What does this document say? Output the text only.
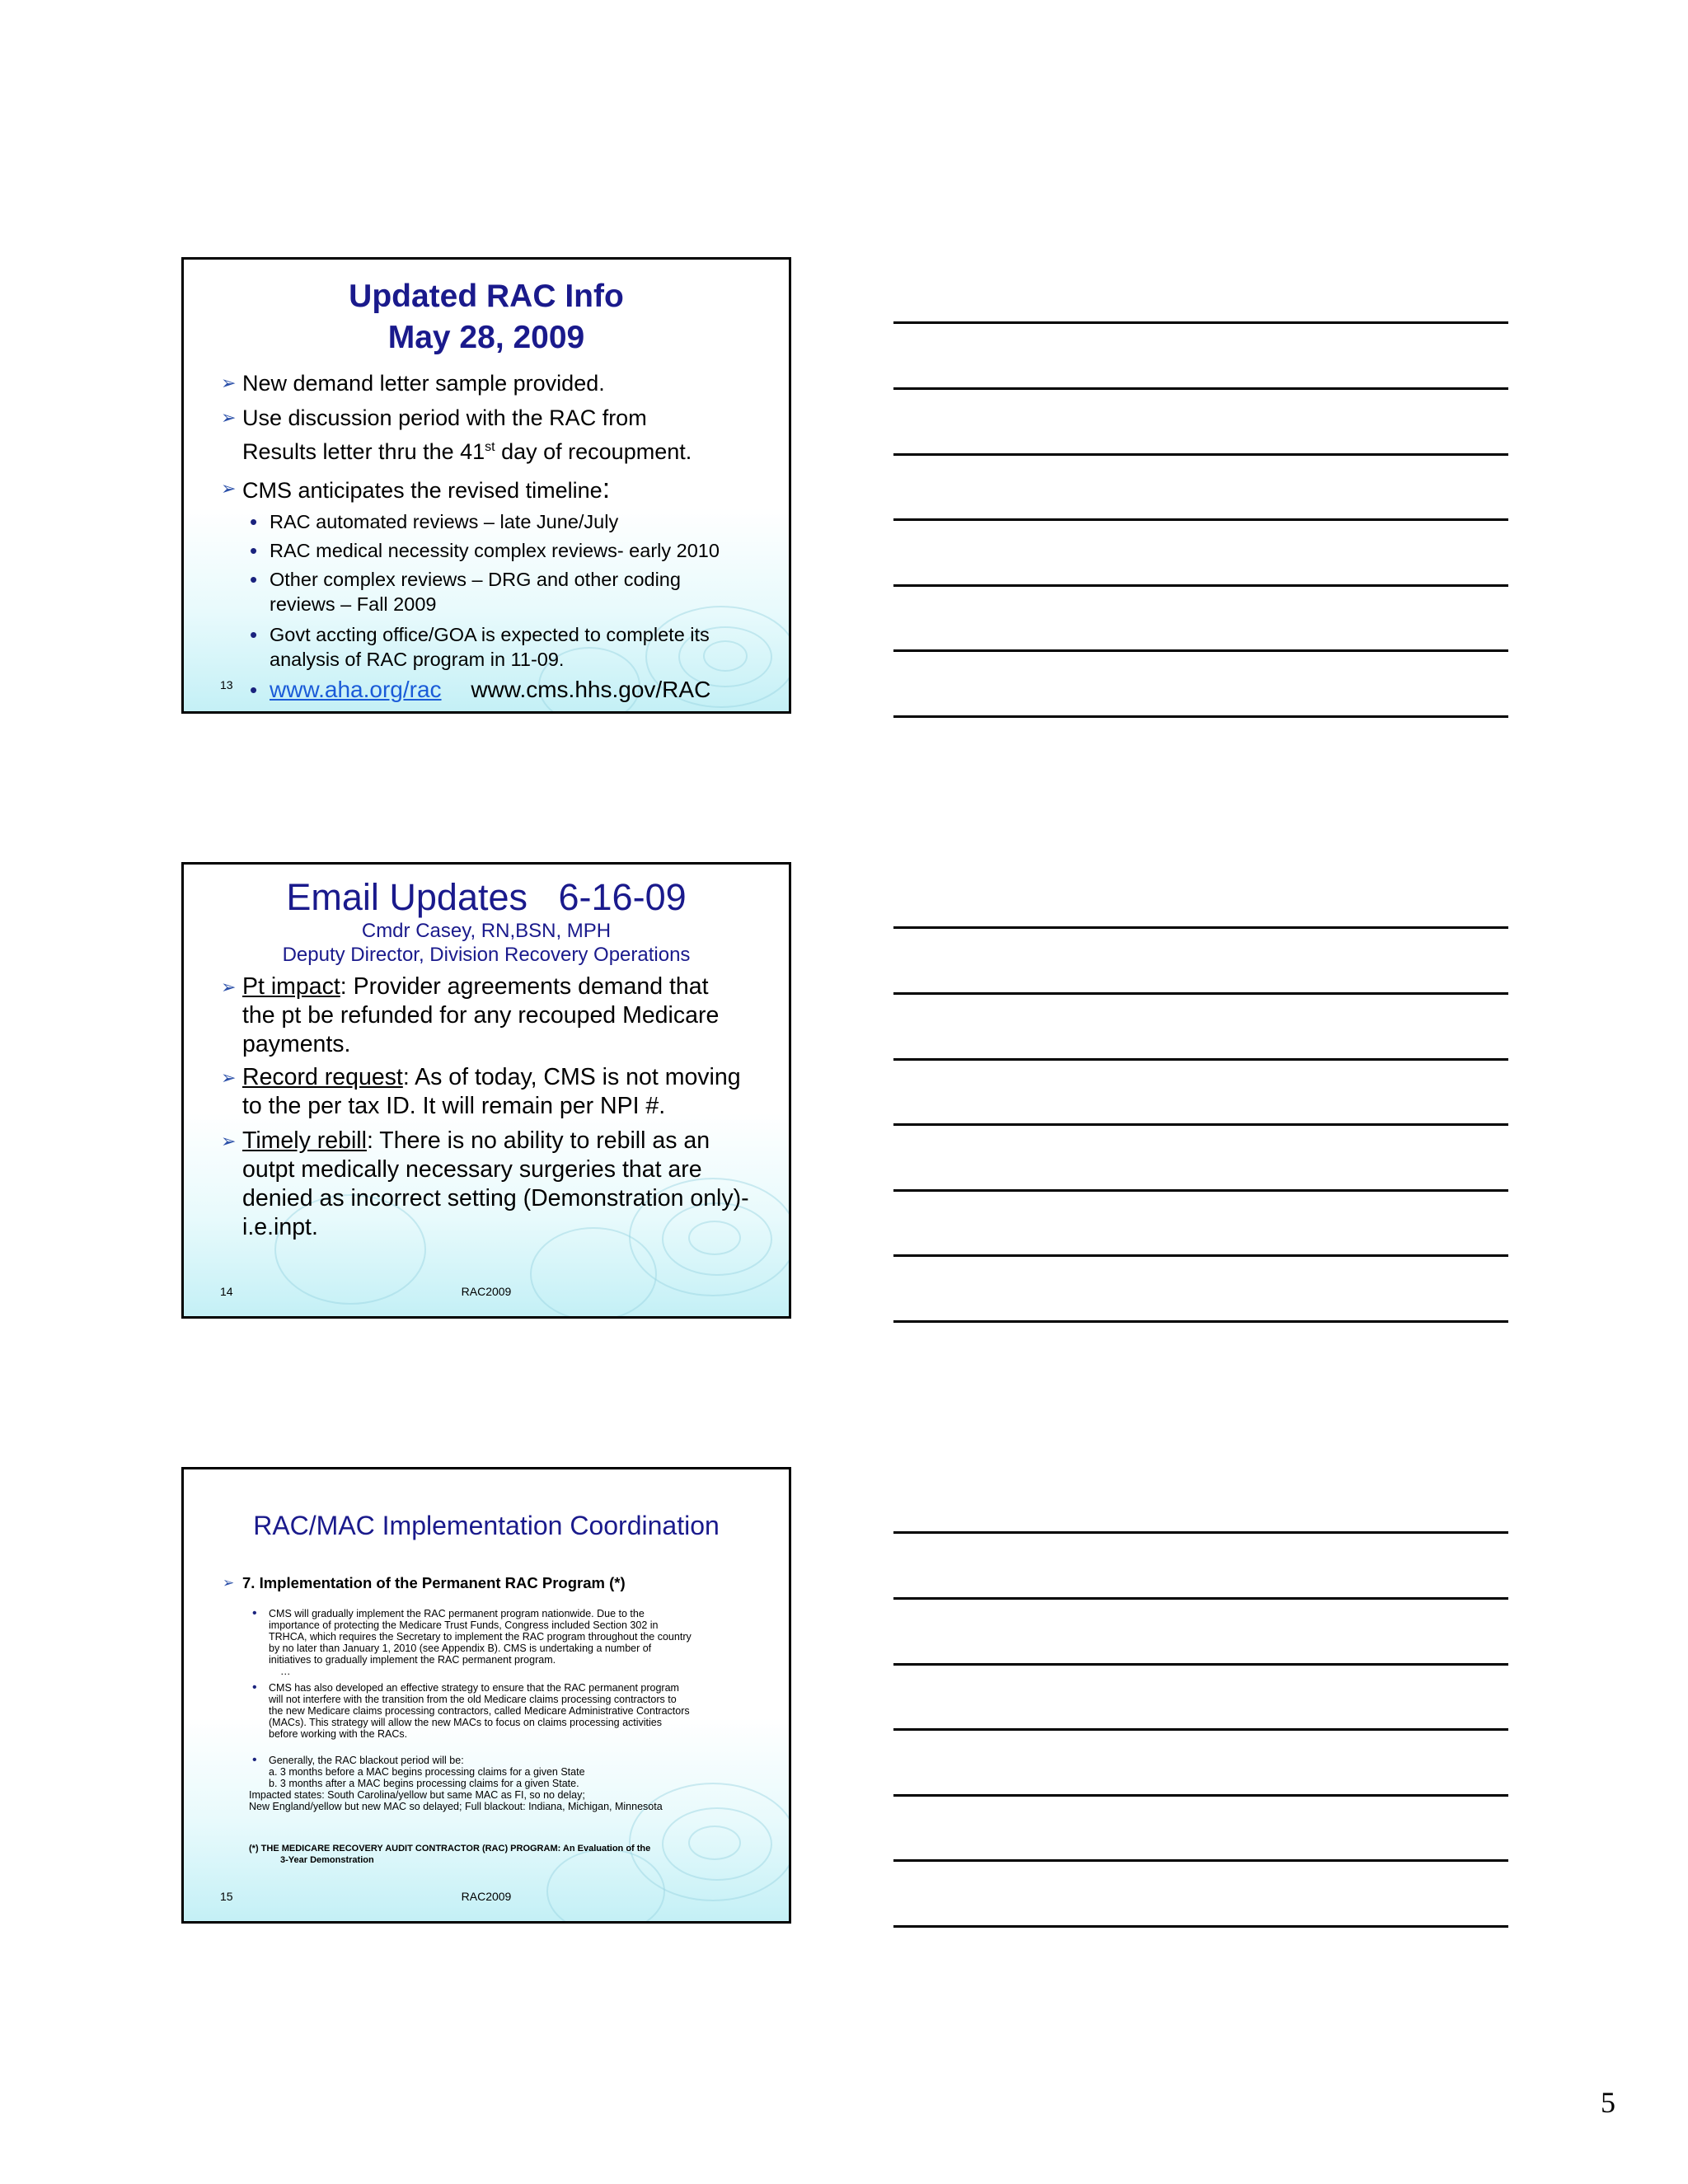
Updated RAC Info
May 28, 2009
➢ New demand letter sample provided.
➢ Use discussion period with the RAC from
Results letter thru the 41st day of recoupment.
➢ CMS anticipates the revised timeline:
• RAC automated reviews – late June/July
• RAC medical necessity complex reviews- early 2010
• Other complex reviews – DRG and other coding
reviews – Fall 2009
• Govt accting office/GOA is expected to complete its
analysis of RAC program in 11-09.
13 • www.aha.org/rac www.cms.hhs.gov/RAC
Email Updates   6-16-09
Cmdr Casey, RN,BSN, MPH
Deputy Director, Division Recovery Operations
➢ Pt impact: Provider agreements demand that
the pt be refunded for any recouped Medicare
payments.
➢ Record request: As of today, CMS is not moving
to the per tax ID. It will remain per NPI #.
➢ Timely rebill: There is no ability to rebill as an
outpt medically necessary surgeries that are
denied as incorrect setting (Demonstration only)-
i.e.inpt.
14	RAC2009
RAC/MAC Implementation Coordination
➢ 7. Implementation of the Permanent RAC Program (*)
• CMS will gradually implement the RAC permanent program nationwide. Due to the
importance of protecting the Medicare Trust Funds, Congress included Section 302 in
TRHCA, which requires the Secretary to implement the RAC program throughout the country
by no later than January 1, 2010 (see Appendix B). CMS is undertaking a number of
initiatives to gradually implement the RAC permanent program.
…
• CMS has also developed an effective strategy to ensure that the RAC permanent program
will not interfere with the transition from the old Medicare claims processing contractors to
the new Medicare claims processing contractors, called Medicare Administrative Contractors
(MACs). This strategy will allow the new MACs to focus on claims processing activities
before working with the RACs.
• Generally, the RAC blackout period will be:
a. 3 months before a MAC begins processing claims for a given State
b. 3 months after a MAC begins processing claims for a given State.
Impacted states: South Carolina/yellow but same MAC as FI, so no delay;
New England/yellow but new MAC so delayed; Full blackout: Indiana, Michigan, Minnesota
(*) THE MEDICARE RECOVERY AUDIT CONTRACTOR (RAC) PROGRAM: An Evaluation of the
3-Year Demonstration
15	RAC2009
5
